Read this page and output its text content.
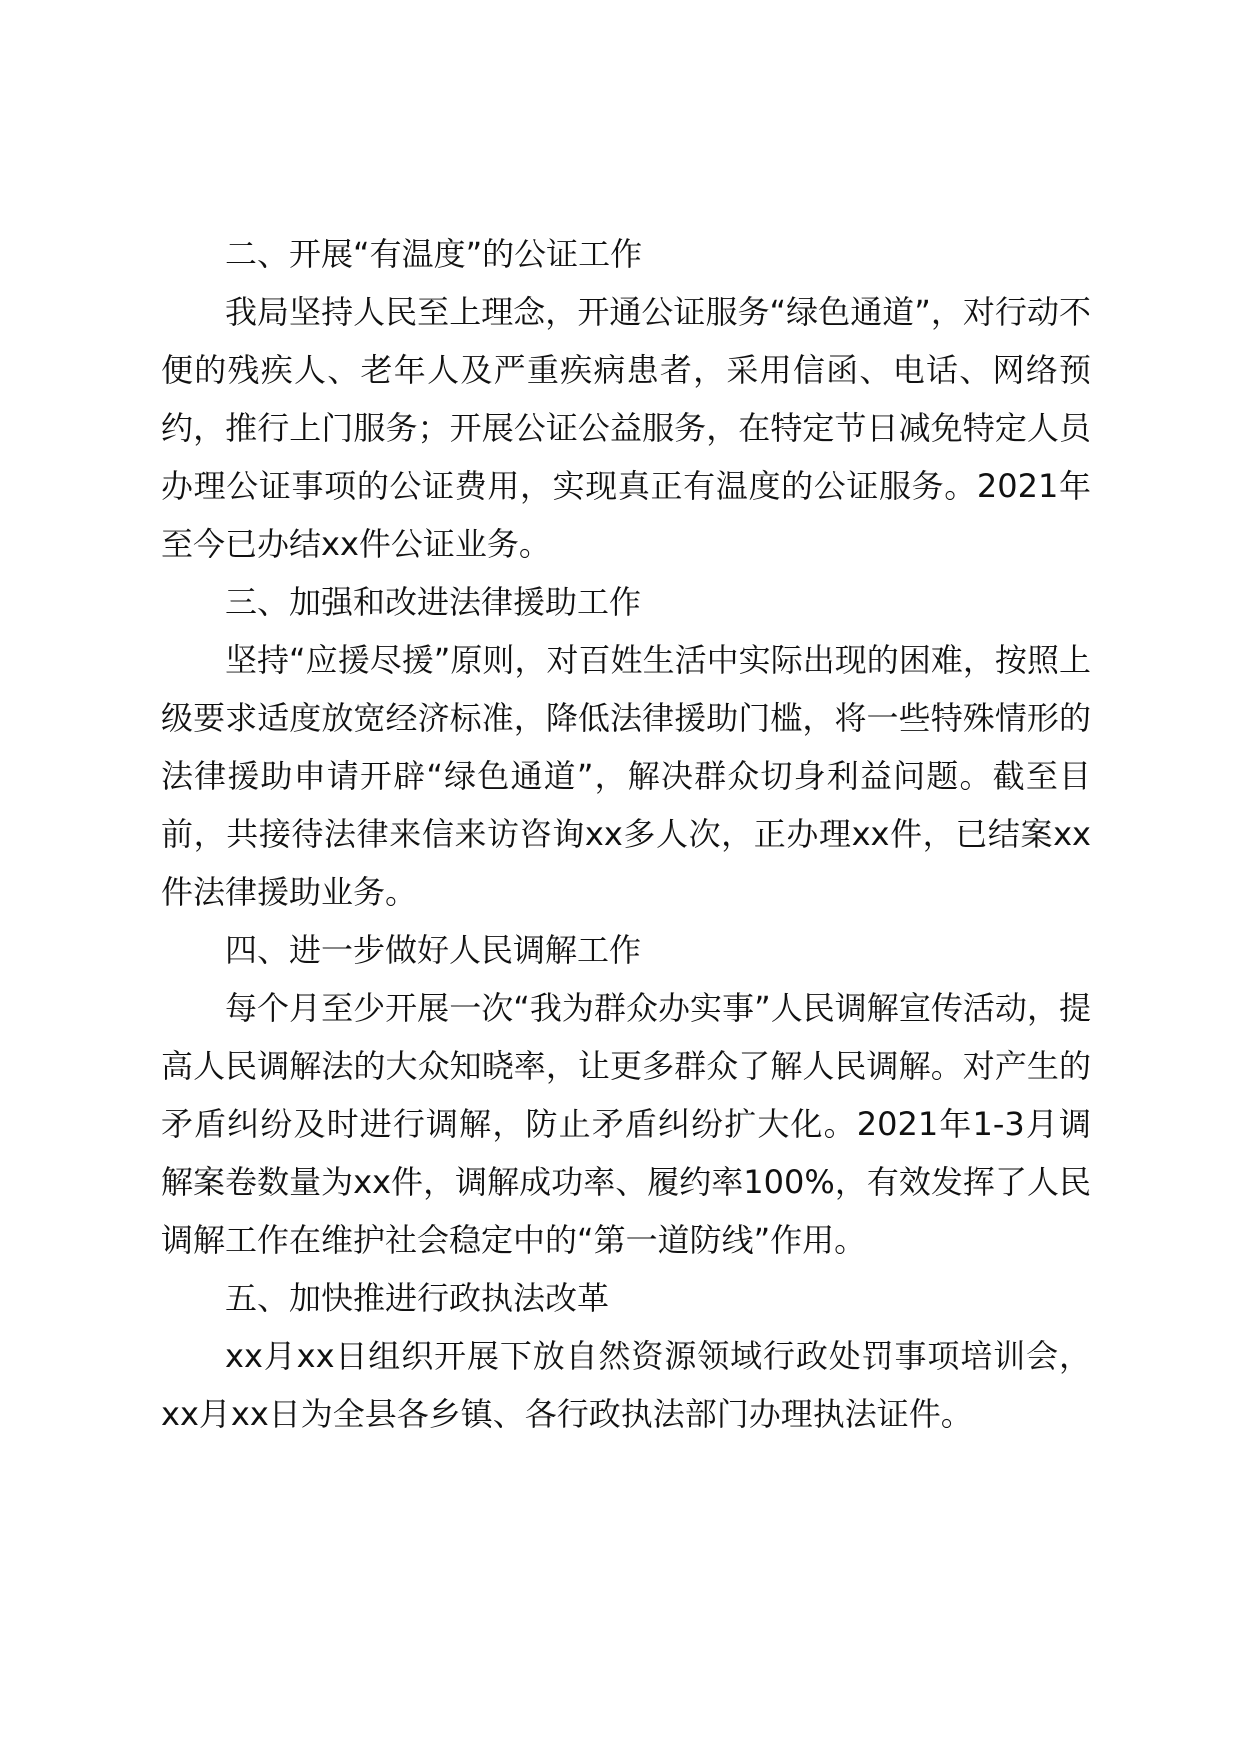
二、开展“有温度”的公证工作

我局坚持人民至上理念，开通公证服务“绿色通道”，对行动不便的残疾人、老年人及严重疾病患者，采用信函、电话、网络预约，推行上门服务；开展公证公益服务，在特定节日减免特定人员办理公证事项的公证费用，实现真正有温度的公证服务。2021年至今已办结xx件公证业务。

三、加强和改进法律援助工作

坚持“应援尽援”原则，对百姓生活中实际出现的困难，按照上级要求适度放宽经济标准，降低法律援助门槛，将一些特殊情形的法律援助申请开辟“绿色通道”，解决群众切身利益问题。截至目前，共接待法律来信来访咨询xx多人次，正办理xx件，已结案xx件法律援助业务。

四、进一步做好人民调解工作

每个月至少开展一次“我为群众办实事”人民调解宣传活动，提高人民调解法的大众知晓率，让更多群众了解人民调解。对产生的矛盾纠纷及时进行调解，防止矛盾纠纷扩大化。2021年1-3月调解案卷数量为xx件，调解成功率、履约率100%，有效发挥了人民调解工作在维护社会稳定中的“第一道防线”作用。

五、加快推进行政执法改革

xx月xx日组织开展下放自然资源领域行政处罚事项培训会，xx月xx日为全县各乡镇、各行政执法部门办理执法证件。
